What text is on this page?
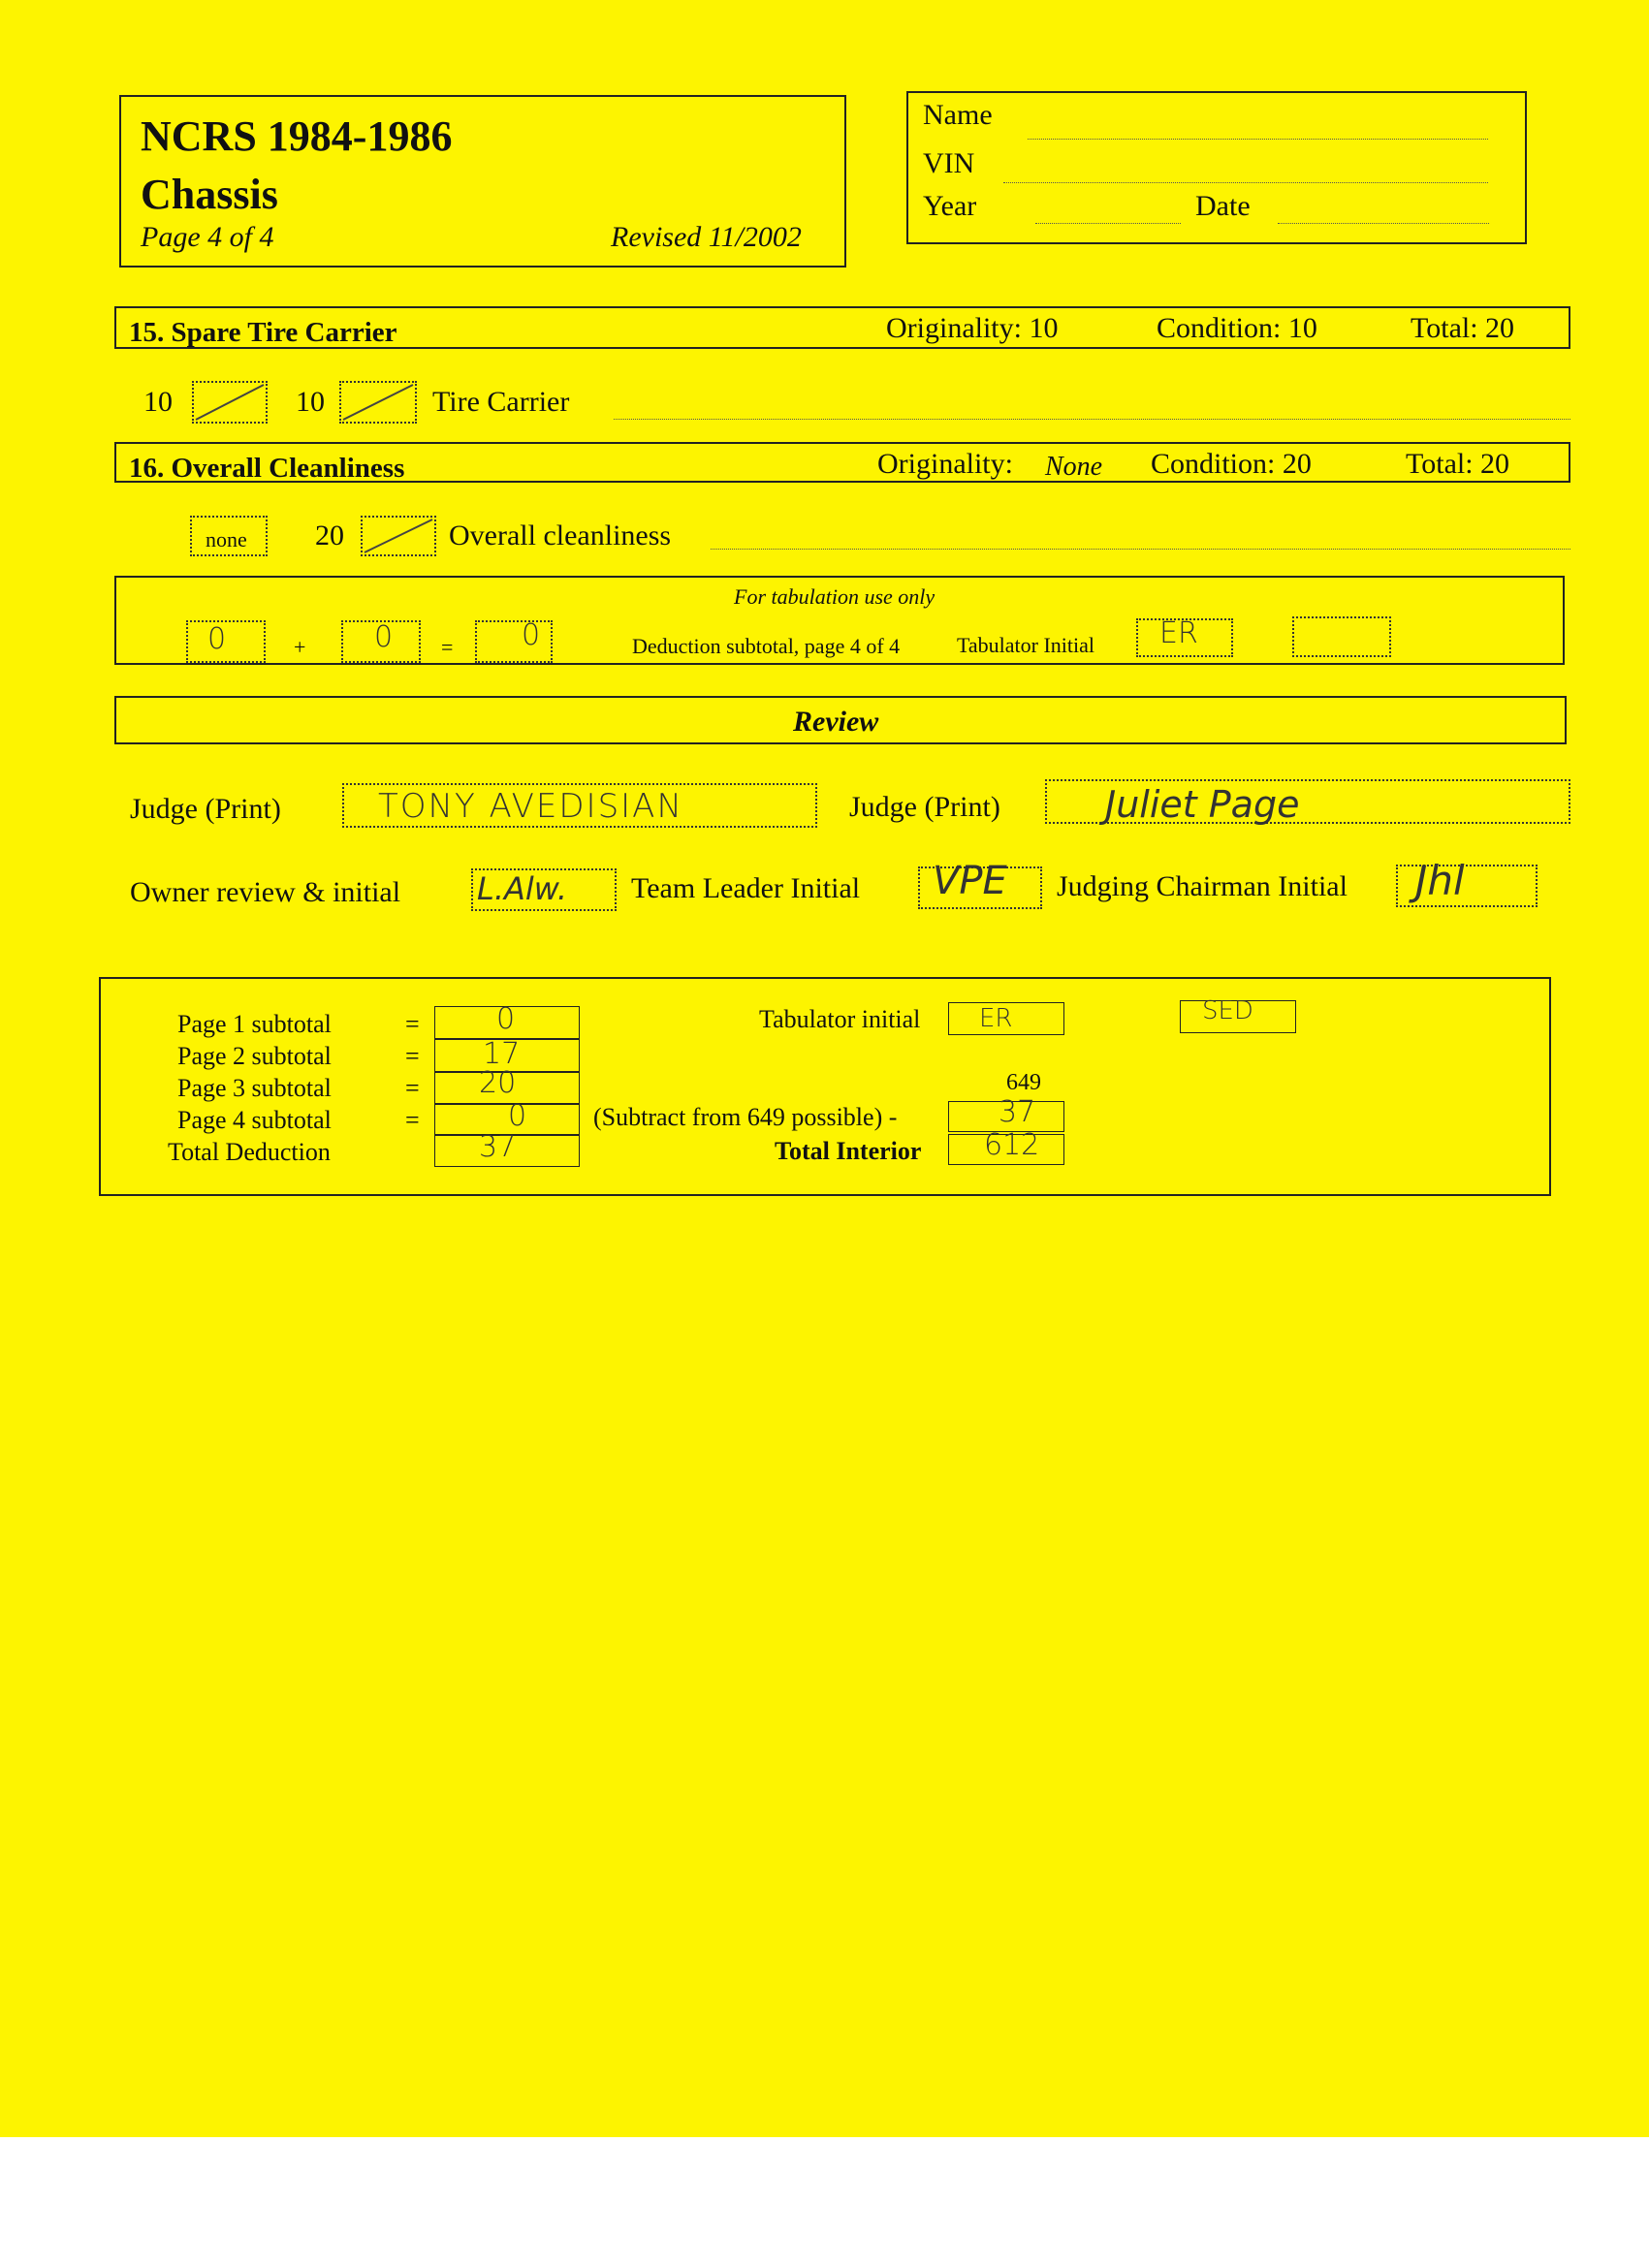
NCRS 1984-1986
Chassis
Page 4 of 4	Revised 11/2002
Name
VIN
Year	Date
15. Spare Tire Carrier	Originality: 10	Condition: 10	Total: 20
10	10	Tire Carrier
16. Overall Cleanliness	Originality: None Condition: 20	Total: 20
none 20	Overall cleanliness
For tabulation use only
0	+ 0 = 0	Deduction subtotal, page 4 of 4	Tabulator Initial ER
Review
Judge (Print)	TONY AVEDISIAN	Judge (Print)	Juliet Page
Owner review & initial L.Alw. Team Leader Initial VPE Judging Chairman Initial Jhl
Page 1 subtotal	=	0
Page 2 subtotal	= 17
Page 3 subtotal	= 20
Page 4 subtotal	=	0
Total Deduction	37
Tabulator initial ER	SED
649
(Subtract from 649 possible) -	37
Total Interior 612
